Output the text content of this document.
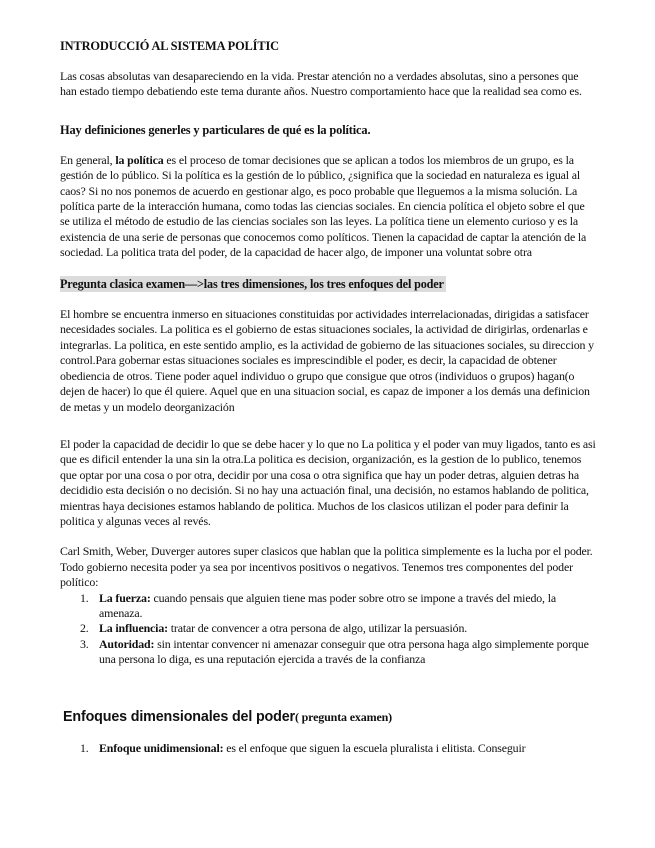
INTRODUCCIÓ AL SISTEMA POLÍTIC

Las cosas absolutas van desapareciendo en la vida. Prestar atención no a verdades absolutas, sino a persones que han estado tiempo debatiendo este tema durante años. Nuestro comportamiento hace que la realidad sea como es.

Hay definiciones generles y particulares de qué es la política.

En general, la política es el proceso de tomar decisiones que se aplican a todos los miembros de un grupo, es la gestión de lo público. Si la política es la gestión de lo público, ¿significa que la sociedad en naturaleza es igual al caos? Si no nos ponemos de acuerdo en gestionar algo, es poco probable que lleguemos a la misma solución. La política parte de la interacción humana, como todas las ciencias sociales. En ciencia política el objeto sobre el que se utiliza el método de estudio de las ciencias sociales son las leyes. La política tiene un elemento curioso y es la existencia de una serie de personas que conocemos como políticos. Tienen la capacidad de captar la atención de la sociedad. La politica trata del poder, de la capacidad de hacer algo, de imponer una voluntat sobre otra

Pregunta clasica examen—>las tres dimensiones, los tres enfoques del poder

El hombre se encuentra inmerso en situaciones constituidas por actividades interrelacionadas, dirigidas a satisfacer necesidades sociales. La politica es el gobierno de estas situaciones sociales, la actividad de dirigirlas, ordenarlas e integrarlas. La politica, en este sentido amplio, es la actividad de gobierno de las situaciones sociales, su direccion y control.Para gobernar estas situaciones sociales es imprescindible el poder, es decir, la capacidad de obtener obediencia de otros. Tiene poder aquel individuo o grupo que consigue que otros (individuos o grupos) hagan(o dejen de hacer) lo que él quiere. Aquel que en una situacion social, es capaz de imponer a los demás una definicion de metas y un modelo deorganización

El poder la capacidad de decidir lo que se debe hacer y lo que no La politica y el poder van muy ligados, tanto es asi que es dificil entender la una sin la otra.La politica es decision, organización, es la gestion de lo publico, tenemos que optar por una cosa o por otra, decidir por una cosa o otra significa que hay un poder detras, alguien detras ha decididio esta decisión o no decisión. Si no hay una actuación final, una decisión, no estamos hablando de politica, mientras haya decisiones estamos hablando de politica. Muchos de los clasicos utilizan el poder para definir la politica y algunas veces al revés.

Carl Smith, Weber, Duverger autores super clasicos que hablan que la politica simplemente es la lucha por el poder. Todo gobierno necesita poder ya sea por incentivos positivos o negativos. Tenemos tres componentes del poder político:

1. La fuerza: cuando pensais que alguien tiene mas poder sobre otro se impone a través del miedo, la amenaza.
2. La influencia: tratar de convencer a otra persona de algo, utilizar la persuasión.
3. Autoridad: sin intentar convencer ni amenazar conseguir que otra persona haga algo simplemente porque una persona lo diga, es una reputación ejercida a través de la confianza

Enfoques dimensionales del poder( pregunta examen)

1. Enfoque unidimensional: es el enfoque que siguen la escuela pluralista i elitista. Conseguir
